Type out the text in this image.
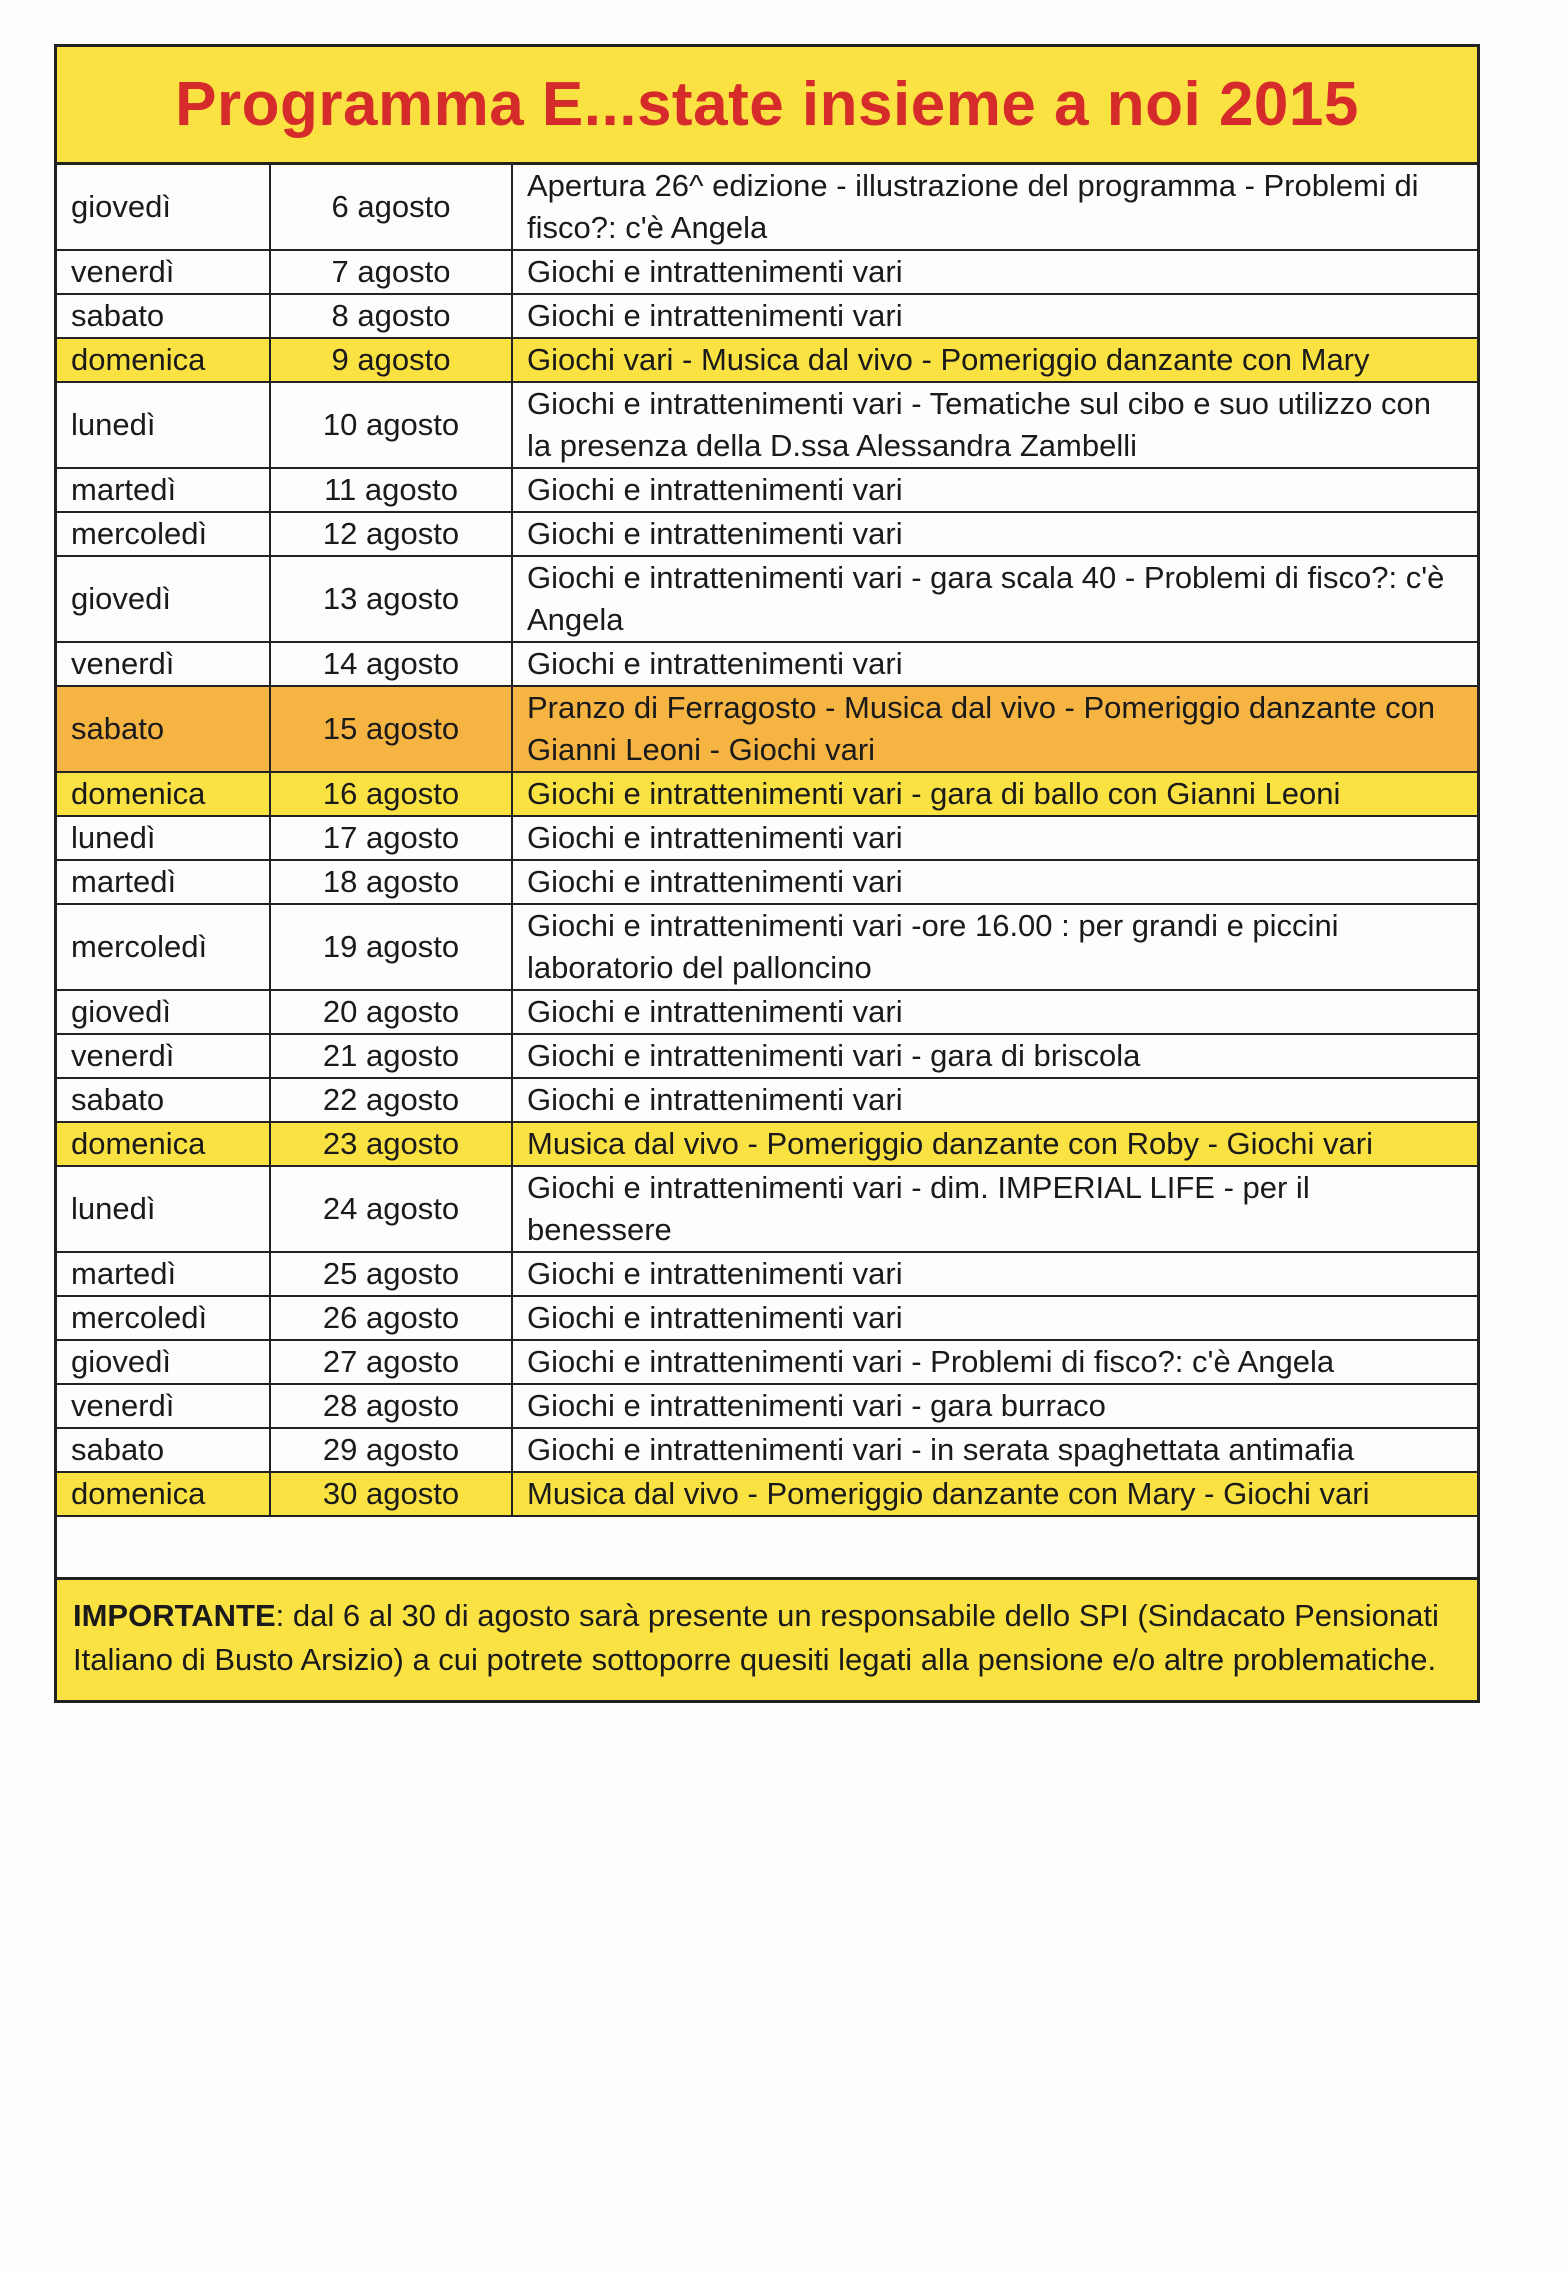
Programma E...state insieme a noi 2015
giovedì	6 agosto	Apertura 26^ edizione - illustrazione del programma - Problemi di fisco?: c'è Angela
venerdì	7 agosto	Giochi e intrattenimenti vari
sabato	8 agosto	Giochi e intrattenimenti vari
domenica	9 agosto	Giochi vari - Musica dal vivo - Pomeriggio danzante con Mary
lunedì	10 agosto	Giochi e intrattenimenti vari - Tematiche sul cibo e suo utilizzo con la presenza della D.ssa Alessandra Zambelli
martedì	11 agosto	Giochi e intrattenimenti vari
mercoledì	12 agosto	Giochi e intrattenimenti vari
giovedì	13 agosto	Giochi e intrattenimenti vari - gara scala 40 - Problemi di fisco?: c'è Angela
venerdì	14 agosto	Giochi e intrattenimenti vari
sabato	15 agosto	Pranzo di Ferragosto - Musica dal vivo - Pomeriggio danzante con Gianni Leoni - Giochi vari
domenica	16 agosto	Giochi e intrattenimenti vari - gara di ballo con Gianni Leoni
lunedì	17 agosto	Giochi e intrattenimenti vari
martedì	18 agosto	Giochi e intrattenimenti vari
mercoledì	19 agosto	Giochi e intrattenimenti vari -ore 16.00 : per grandi e piccini laboratorio del palloncino
giovedì	20 agosto	Giochi e intrattenimenti vari
venerdì	21 agosto	Giochi e intrattenimenti vari - gara di briscola
sabato	22 agosto	Giochi e intrattenimenti vari
domenica	23 agosto	Musica dal vivo - Pomeriggio danzante con Roby - Giochi vari
lunedì	24 agosto	Giochi e intrattenimenti vari - dim. IMPERIAL LIFE - per il benessere
martedì	25 agosto	Giochi e intrattenimenti vari
mercoledì	26 agosto	Giochi e intrattenimenti vari
giovedì	27 agosto	Giochi e intrattenimenti vari - Problemi di fisco?: c'è Angela
venerdì	28 agosto	Giochi e intrattenimenti vari - gara burraco
sabato	29 agosto	Giochi e intrattenimenti vari - in serata spaghettata antimafia
domenica	30 agosto	Musica dal vivo - Pomeriggio danzante con Mary - Giochi vari
IMPORTANTE: dal 6 al 30 di agosto sarà presente un responsabile dello SPI (Sindacato Pensionati Italiano di Busto Arsizio) a cui potrete sottoporre quesiti legati alla pensione e/o altre problematiche.
